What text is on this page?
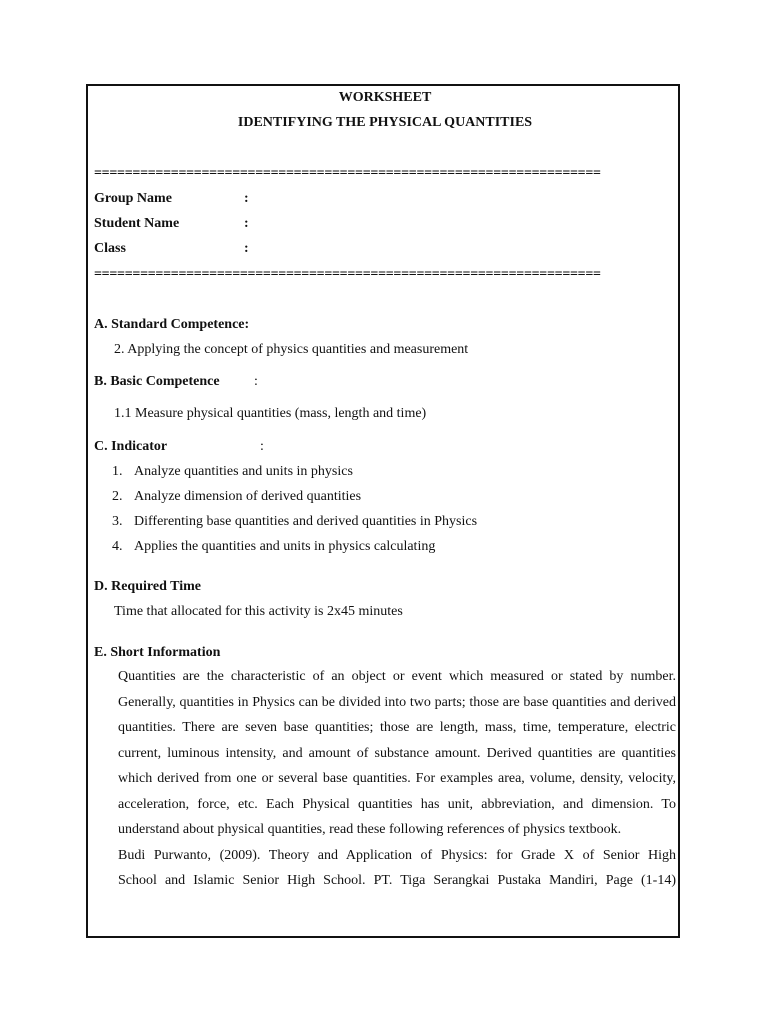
WORKSHEET
IDENTIFYING THE PHYSICAL QUANTITIES
==================================================================
Group Name	:
Student Name	:
Class	:
==================================================================
A. Standard Competence:
2. Applying the concept of physics quantities and measurement
B. Basic Competence :
1.1 Measure physical quantities (mass, length and time)
C. Indicator	:
1. Analyze quantities and units in physics
2. Analyze dimension of derived quantities
3. Differenting base quantities and derived quantities in Physics
4. Applies the quantities and units in physics calculating
D. Required Time
Time that allocated for this activity is 2x45 minutes
E. Short Information

Quantities are the characteristic of an object or event which measured or stated by number. Generally, quantities in Physics can be divided into two parts; those are base quantities and derived quantities. There are seven base quantities; those are length, mass, time, temperature, electric current, luminous intensity, and amount of substance amount. Derived quantities are quantities which derived from one or several base quantities. For examples area, volume, density, velocity, acceleration, force, etc. Each Physical quantities has unit, abbreviation, and dimension. To understand about physical quantities, read these following references of physics textbook.

Budi Purwanto, (2009). Theory and Application of Physics: for Grade X of Senior High
School and Islamic Senior High School. PT. Tiga Serangkai Pustaka Mandiri, Page (1-14)
